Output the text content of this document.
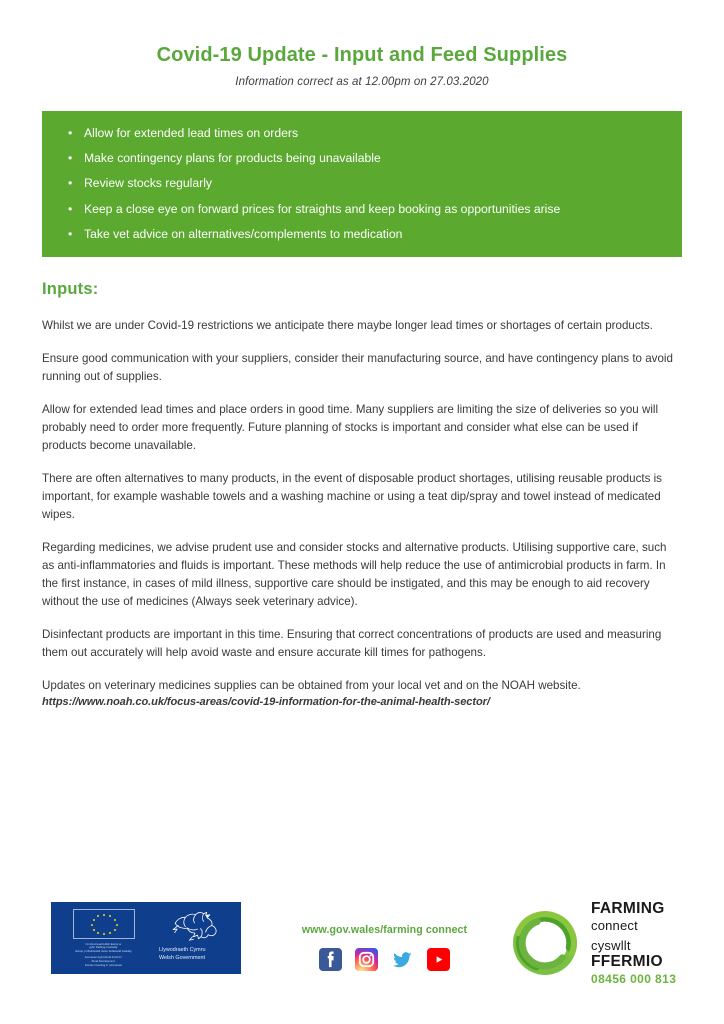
Covid-19 Update - Input and Feed Supplies

Information correct as at 12.00pm on 27.03.2020

• Allow for extended lead times on orders
• Make contingency plans for products being unavailable
• Review stocks regularly
• Keep a close eye on forward prices for straights and keep booking as opportunities arise
• Take vet advice on alternatives/complements to medication
Inputs:

Whilst we are under Covid-19 restrictions we anticipate there maybe longer lead times or shortages of certain products.

Ensure good communication with your suppliers, consider their manufacturing source, and have contingency plans to avoid running out of supplies.

Allow for extended lead times and place orders in good time. Many suppliers are limiting the size of deliveries so you will probably need to order more frequently. Future planning of stocks is important and consider what else can be used if products become unavailable.

There are often alternatives to many products, in the event of disposable product shortages, utilising reusable products is important, for example washable towels and a washing machine or using a teat dip/spray and towel instead of medicated wipes.

Regarding medicines, we advise prudent use and consider stocks and alternative products. Utilising supportive care, such as anti-inflammatories and fluids is important. These methods will help reduce the use of antimicrobial products in farm. In the first instance, in cases of mild illness, supportive care should be instigated, and this may be enough to aid recovery without the use of medicines (Always seek veterinary advice).

Disinfectant products are important in this time. Ensuring that correct concentrations of products are used and measuring them out accurately will help avoid waste and ensure accurate kill times for pathogens.

Updates on veterinary medicines supplies can be obtained from your local vet and on the NOAH website.

https://www.noah.co.uk/focus-areas/covid-19-information-for-the-animal-health-sector/

Cronfa Amaethyddol Ewrop ar
gyfer Datblygu Gwledig:
Ewrop yn Buddsoddi mewn Ardaloedd Gwledig
European Agricultural Fund for
Rural Development:
Europe investing in rural areas
Llywodraeth Cymru
Welsh Government
www.gov.wales/farming connect
FARMING
connect
cyswllt
FFERMIO
08456 000 813
